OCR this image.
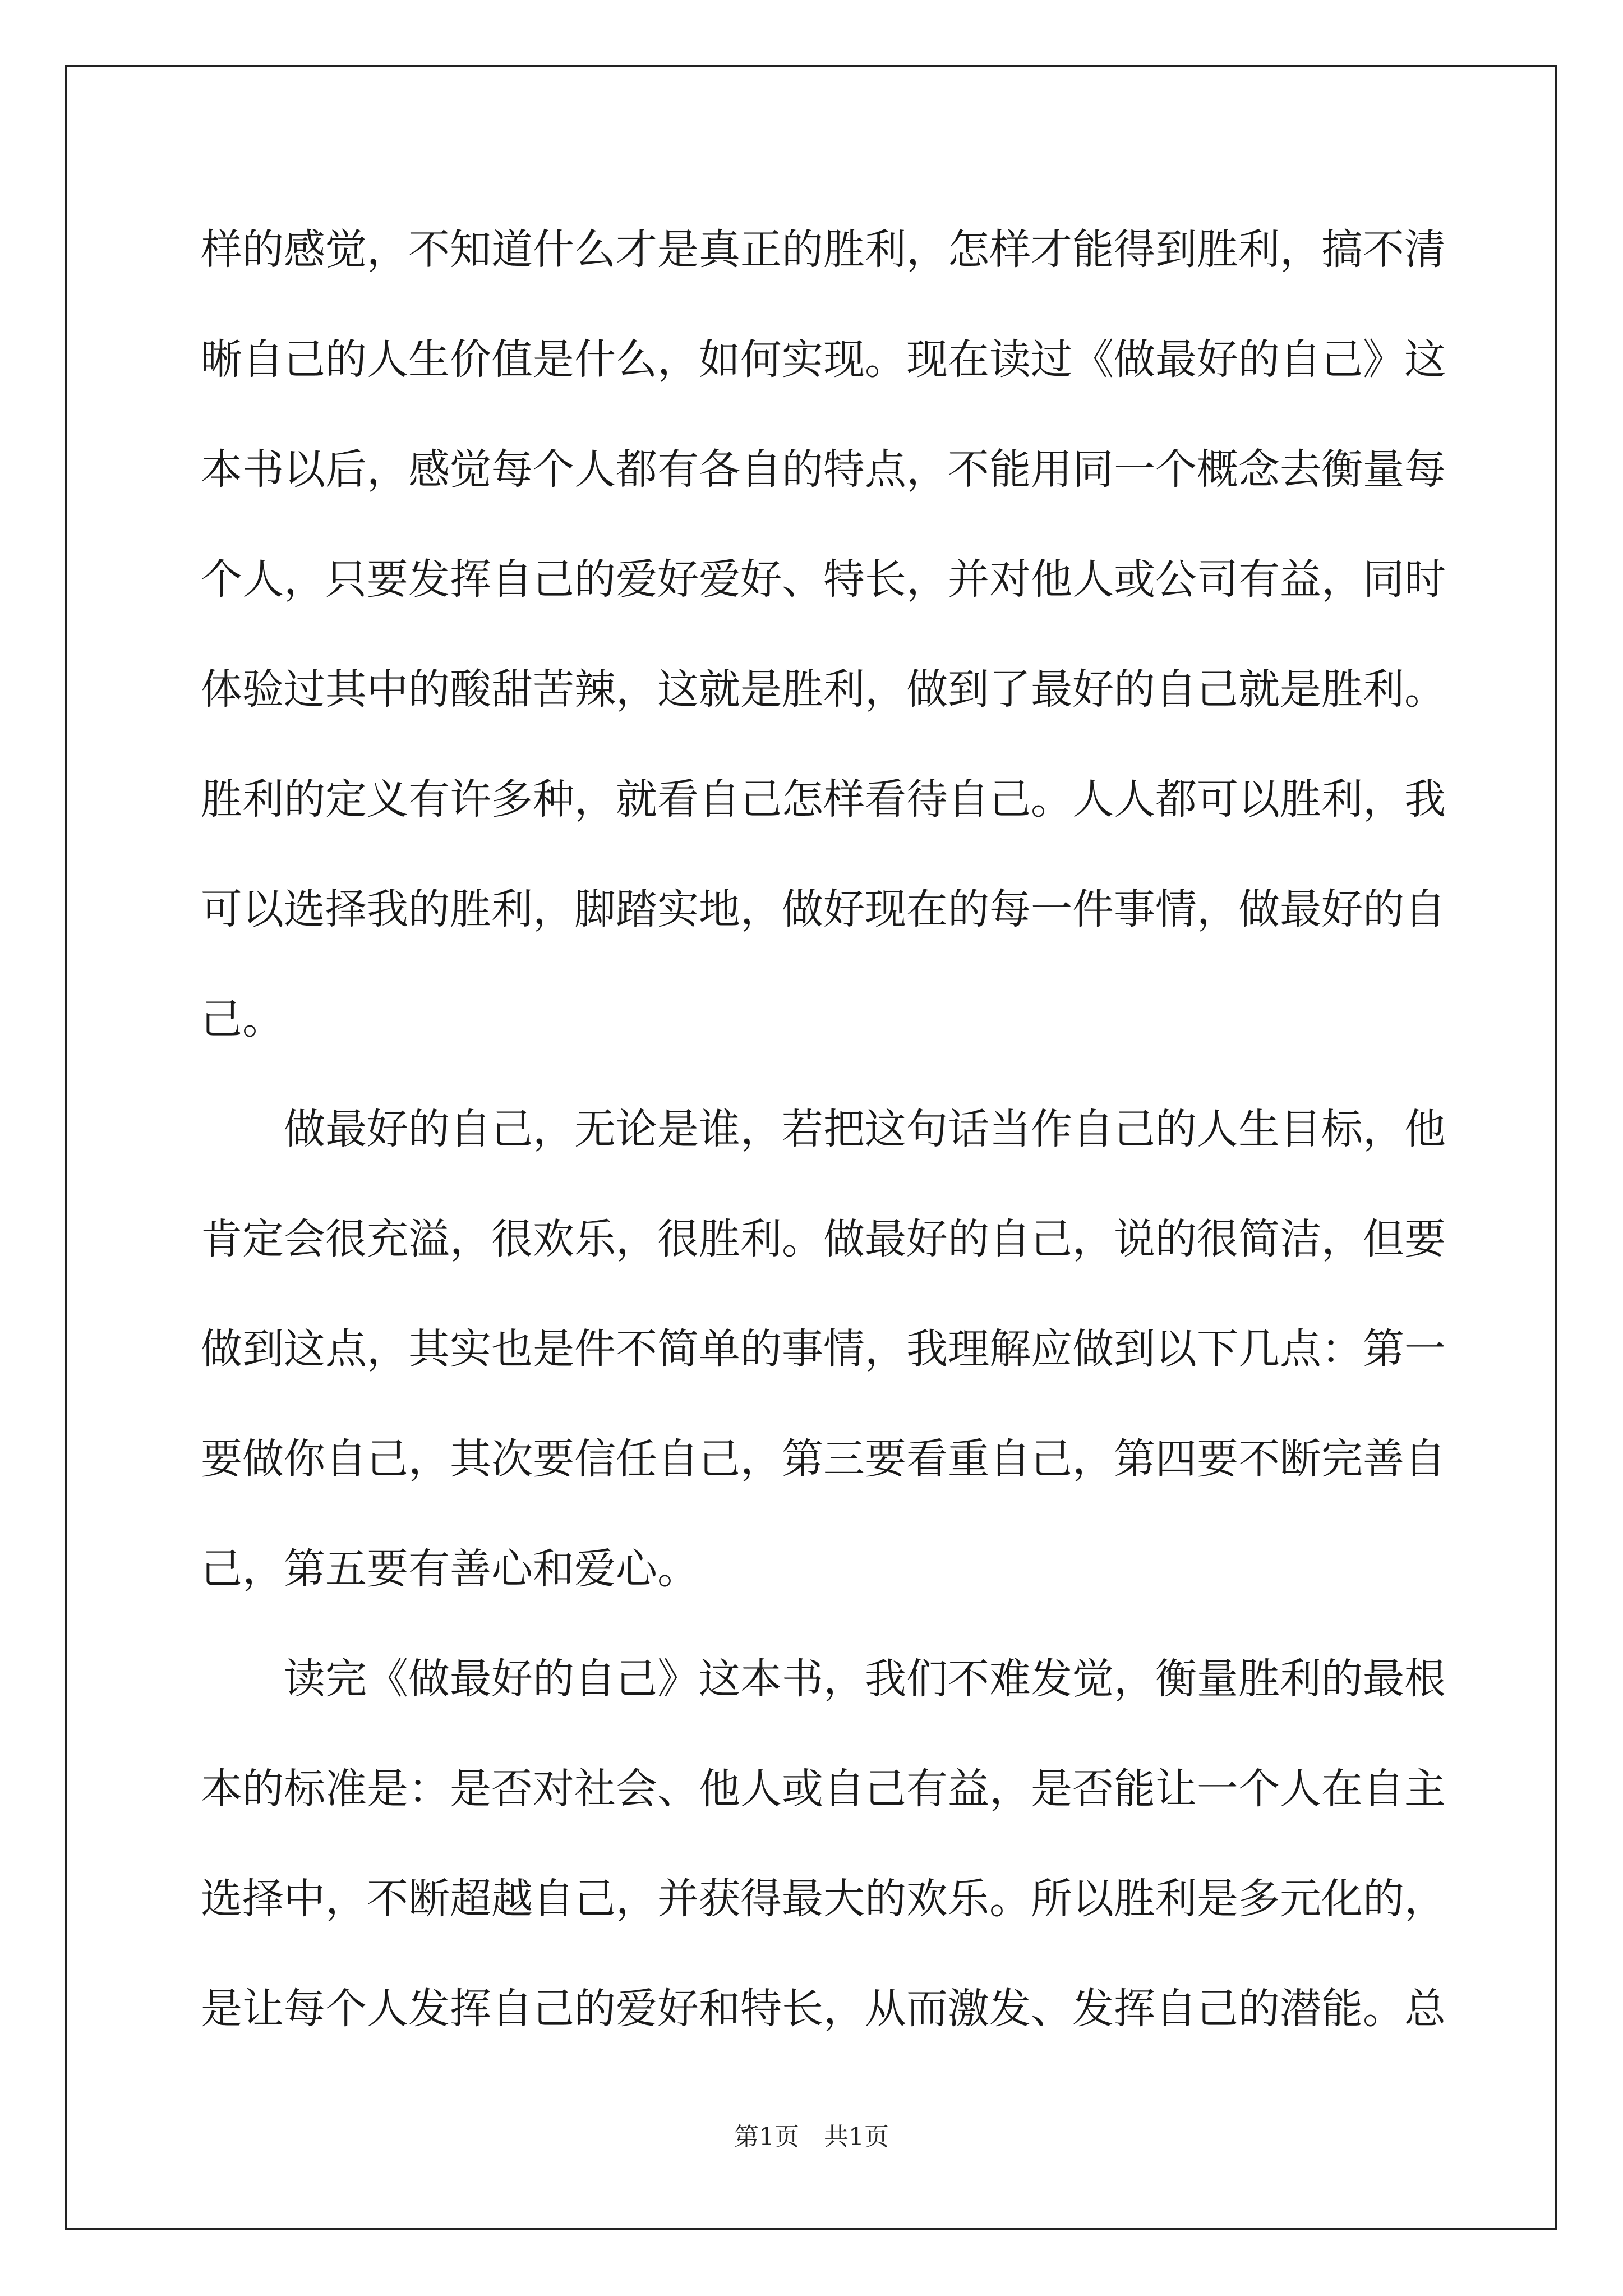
样 的 感 觉 ， 不 知 道 什 么 才 是 真 正 的 胜 利 ， 怎 样 才 能 得 到 胜 利 ， 搞 不 清
晰 自 己 的 人 生 价 值 是 什 么 ， 如 何 实 现 。 现 在 读 过 《 做 最 好 的 自 己 》 这
本 书 以 后 ， 感 觉 每 个 人 都 有 各 自 的 特 点 ， 不 能 用 同 一 个 概 念 去 衡 量 每
个 人 ， 只 要 发 挥 自 己 的 爱 好 爱 好 、 特 长 ， 并 对 他 人 或 公 司 有 益 ， 同 时
体 验 过 其 中 的 酸 甜 苦 辣 ， 这 就 是 胜 利 ， 做 到 了 最 好 的 自 己 就 是 胜 利 。
胜 利 的 定 义 有 许 多 种 ， 就 看 自 己 怎 样 看 待 自 己 。 人 人 都 可 以 胜 利 ， 我
可 以 选 择 我 的 胜 利 ， 脚 踏 实 地 ， 做 好 现 在 的 每 一 件 事 情 ， 做 最 好 的 自
己。
做 最 好 的 自 己 ， 无 论 是 谁 ， 若 把 这 句 话 当 作 自 己 的 人 生 目 标 ， 他
肯 定 会 很 充 溢 ， 很 欢 乐 ， 很 胜 利 。 做 最 好 的 自 己 ， 说 的 很 简 洁 ， 但 要
做 到 这 点 ， 其 实 也 是 件 不 简 单 的 事 情 ， 我 理 解 应 做 到 以 下 几 点 ： 第 一
要 做 你 自 己 ， 其 次 要 信 任 自 己 ， 第 三 要 看 重 自 己 ， 第 四 要 不 断 完 善 自
己，第五要有善心和爱心。
读 完 《 做 最 好 的 自 己 》 这 本 书 ， 我 们 不 难 发 觉 ， 衡 量 胜 利 的 最 根
本 的 标 准 是 ： 是 否 对 社 会 、 他 人 或 自 己 有 益 ， 是 否 能 让 一 个 人 在 自 主
选 择 中 ， 不 断 超 越 自 己 ， 并 获 得 最 大 的 欢 乐 。 所 以 胜 利 是 多 元 化 的 ，
是 让 每 个 人 发 挥 自 己 的 爱 好 和 特 长 ， 从 而 激 发 、 发 挥 自 己 的 潜 能 。 总
第1页　共1页
